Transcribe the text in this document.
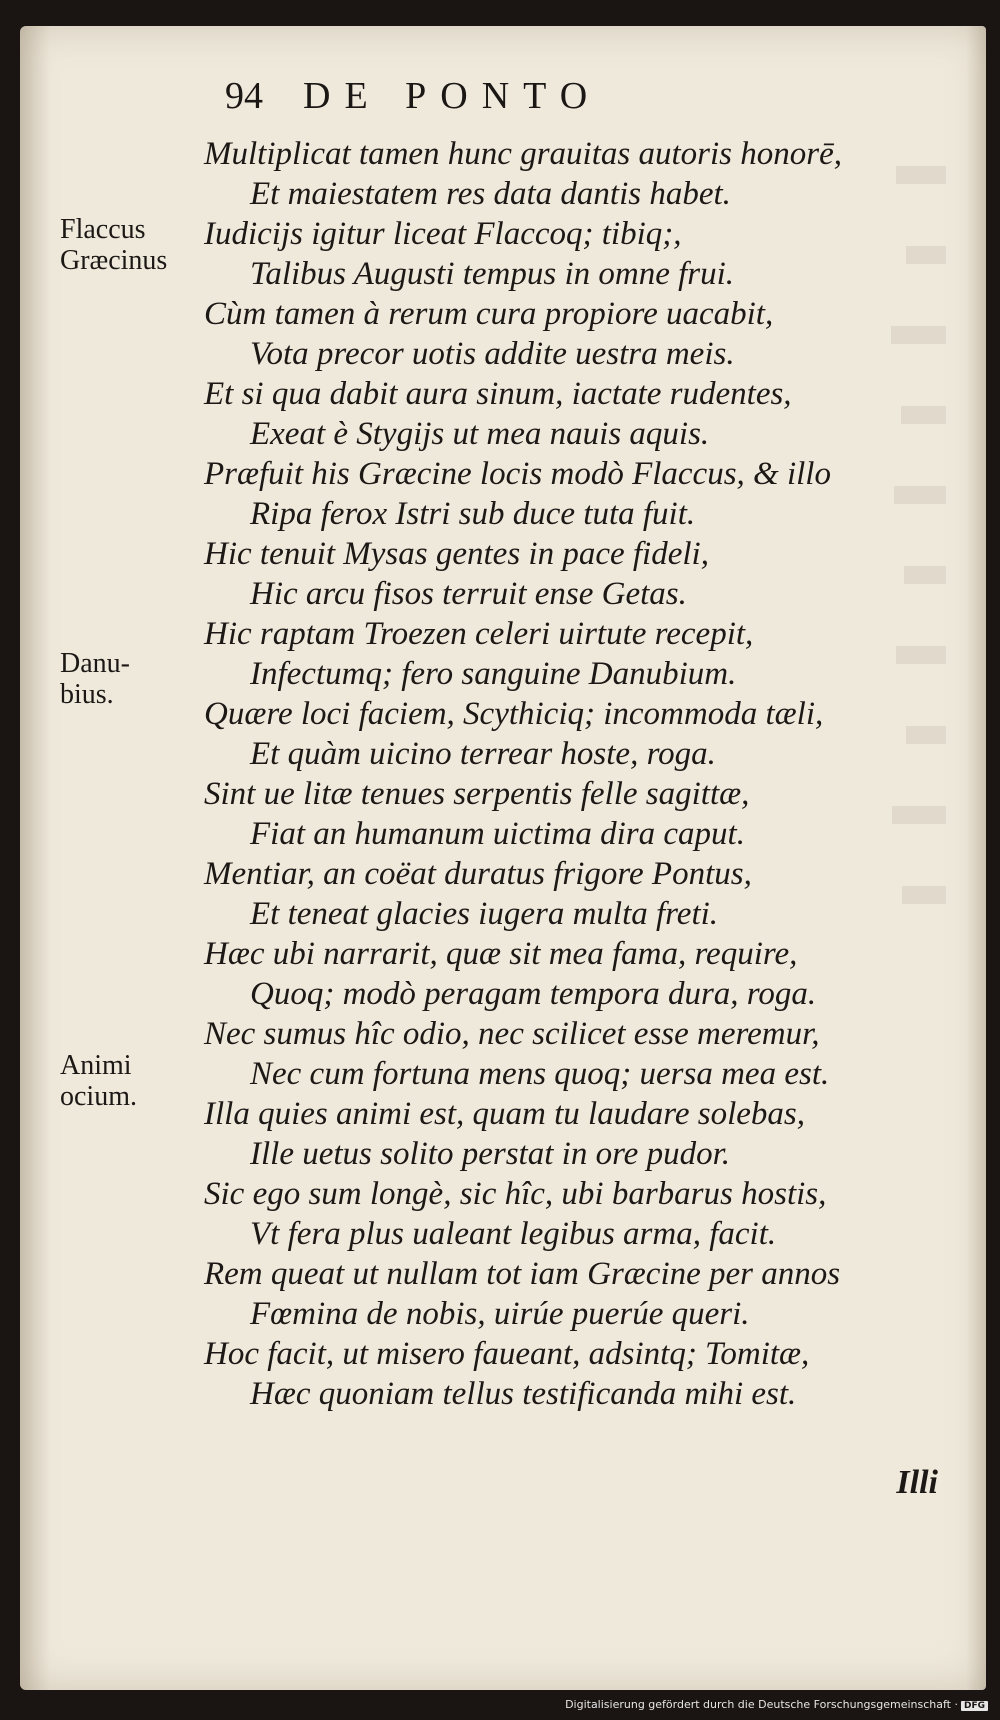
94 DE PONTO
Multiplicat tamen hunc grauitas autoris honorē,
Et maiestatem res data dantis habet.
Iudicijs igitur liceat Flaccoq; tibiq;,
Talibus Augusti tempus in omne frui.
Cùm tamen à rerum cura propiore uacabit,
Vota precor uotis addite uestra meis.
Et si qua dabit aura sinum, iactate rudentes,
Exeat è Stygijs ut mea nauis aquis.
Præfuit his Græcine locis modò Flaccus, & illo
Ripa ferox Istri sub duce tuta fuit.
Hic tenuit Mysas gentes in pace fideli,
Hic arcu fisos terruit ense Getas.
Hic raptam Troezen celeri uirtute recepit,
Infectumq; fero sanguine Danubium.
Quære loci faciem, Scythiciq; incommoda tæli,
Et quàm uicino terrear hoste, roga.
Sint ue litæ tenues serpentis felle sagittæ,
Fiat an humanum uictima dira caput.
Mentiar, an coëat duratus frigore Pontus,
Et teneat glacies iugera multa freti.
Hæc ubi narrarit, quæ sit mea fama, require,
Quoq; modò peragam tempora dura, roga.
Nec sumus hîc odio, nec scilicet esse meremur,
Nec cum fortuna mens quoq; uersa mea est.
Illa quies animi est, quam tu laudare solebas,
Ille uetus solito perstat in ore pudor.
Sic ego sum longè, sic hîc, ubi barbarus hostis,
Vt fera plus ualeant legibus arma, facit.
Rem queat ut nullam tot iam Græcine per annos
Fœmina de nobis, uirúe puerúe queri.
Hoc facit, ut misero faueant, adsintq; Tomitæ,
Hæc quoniam tellus testificanda mihi est.
Flaccus
Græcinus
Danu-
bius.
Animi
ocium.
Illi
Digitalisierung gefördert durch die Deutsche Forschungsgemeinschaft · DFG
